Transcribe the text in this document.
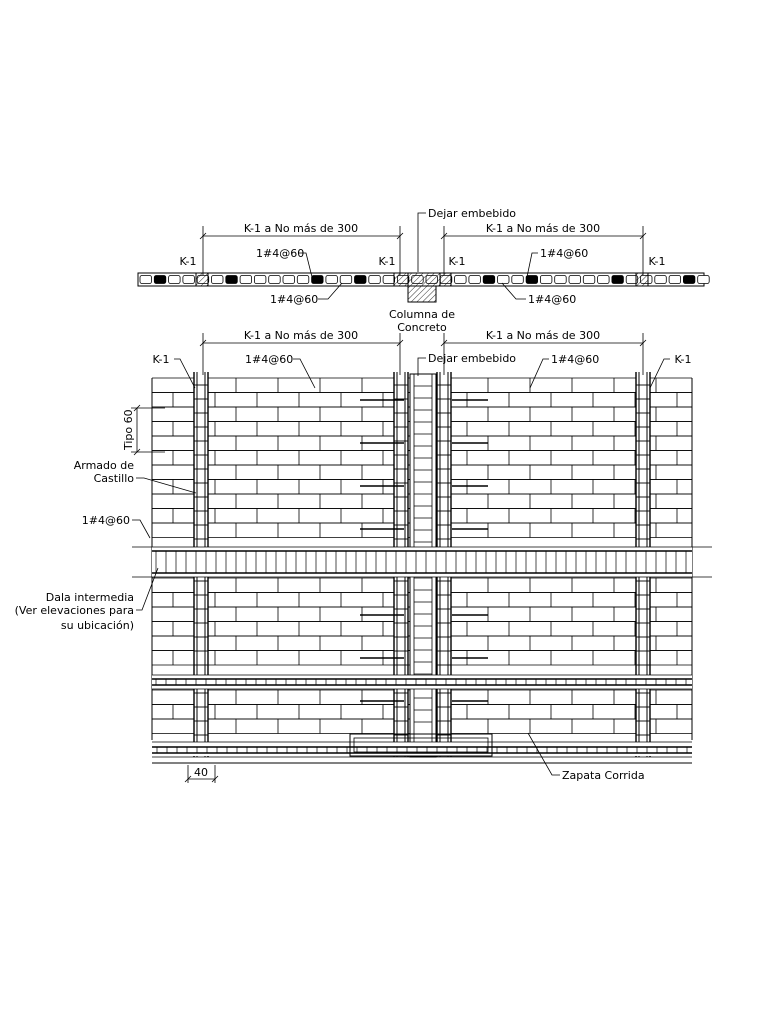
K-1 a No más de 300	K-1 a No más de 300
Dejar embebido
K-1	K-1	K-1	K-1
1#4@60	1#4@60
1#4@60	1#4@60
Columna de
Concreto
K-1 a No más de 300	K-1 a No más de 300
Dejar embebido
K-1	K-1
1#4@60	1#4@60
Tipo 60
Armado de
Castillo
1#4@60
Dala intermedia
(Ver elevaciones para
su ubicación)
40	Zapata Corrida
